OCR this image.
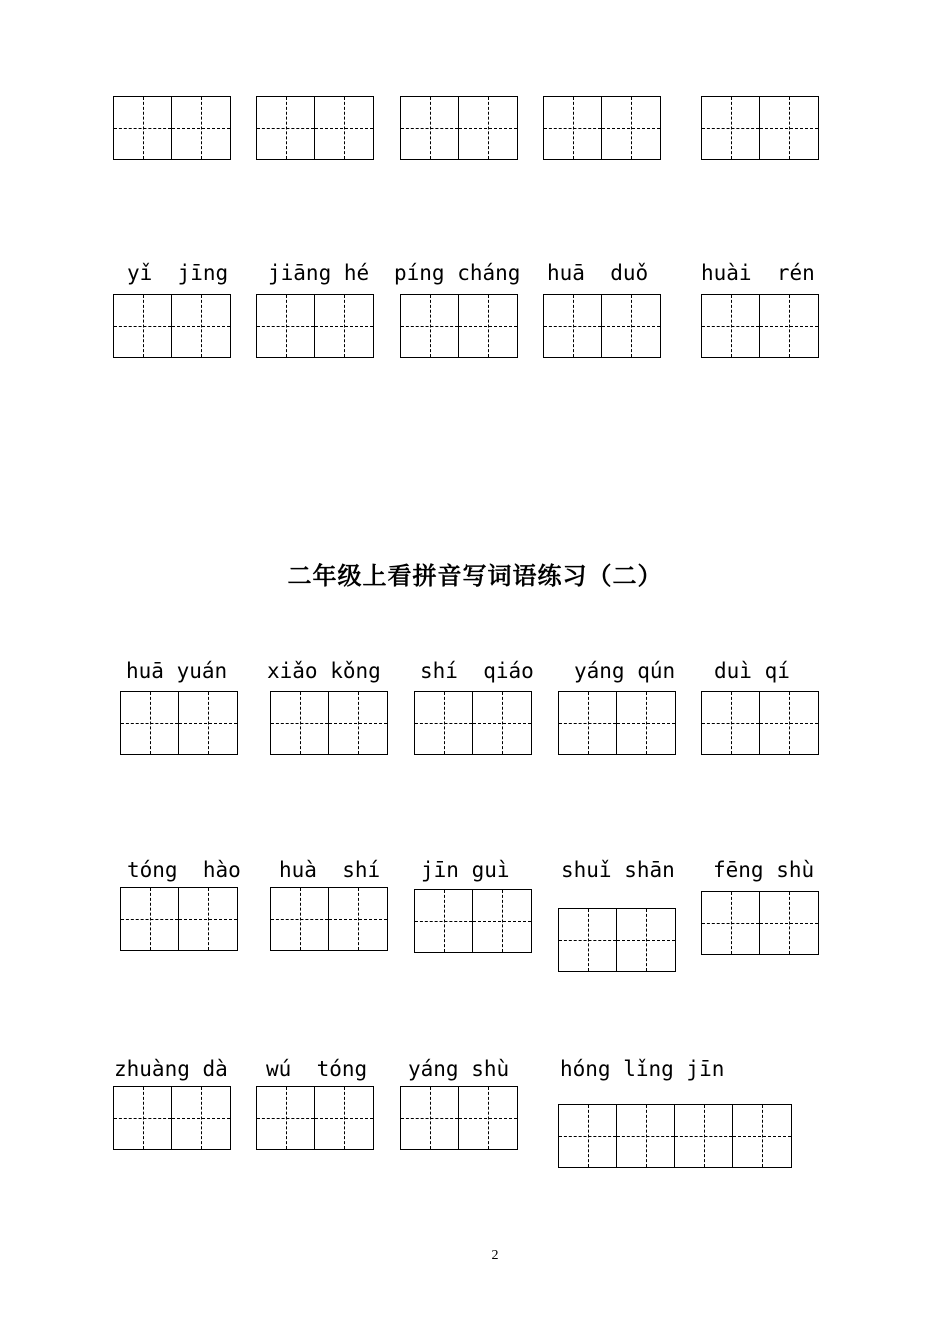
yǐ  jīng jiāng hé píng cháng huā  duǒ	huài  rén
二年级上看拼音写词语练习（二）
huā yuán xiǎo kǒng shí  qiáo yáng qún duì qí
tóng  hào huà  shí jīn guì shuǐ shān fēng shù
zhuàng dà wú  tóng yáng shù hóng lǐng jīn
2
